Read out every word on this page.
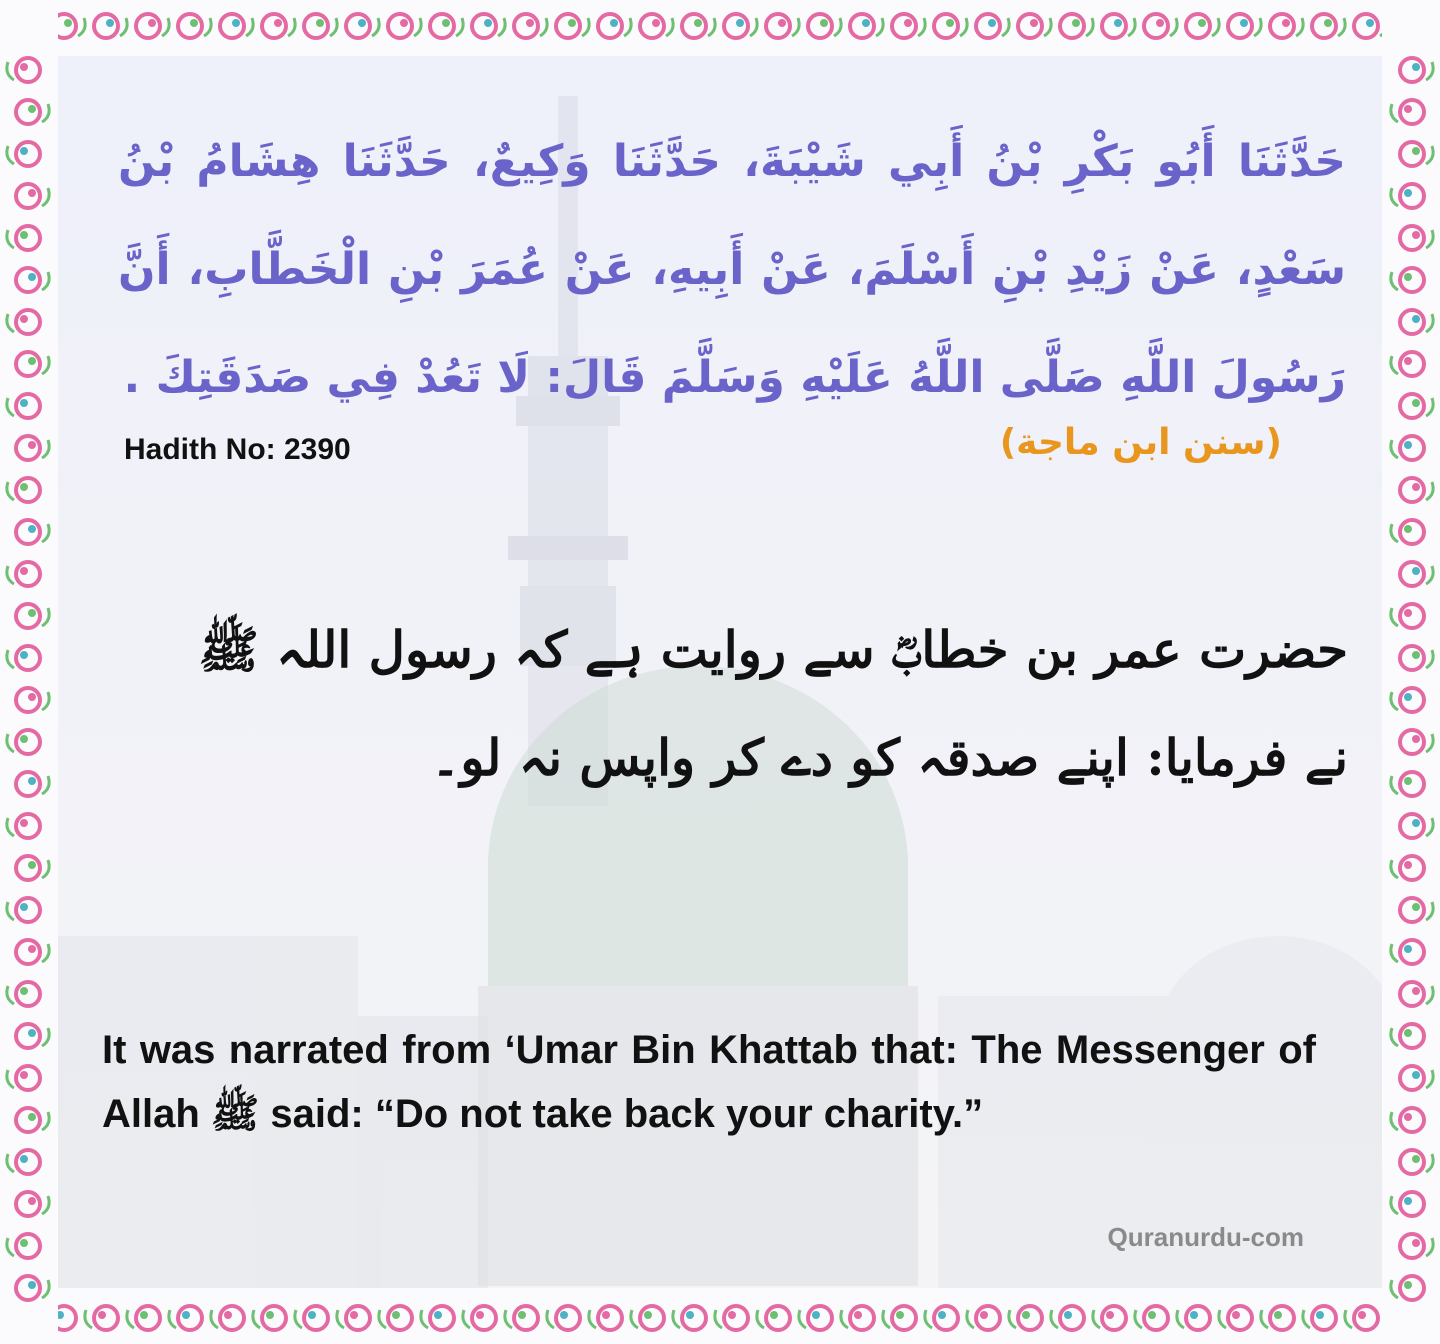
حَدَّثَنَا أَبُو بَكْرِ بْنُ أَبِي شَيْبَةَ، حَدَّثَنَا وَكِيعٌ، حَدَّثَنَا هِشَامُ بْنُ سَعْدٍ، عَنْ زَيْدِ بْنِ أَسْلَمَ، عَنْ أَبِيهِ، عَنْ عُمَرَ بْنِ الْخَطَّابِ، أَنَّ رَسُولَ اللَّهِ صَلَّى اللَّهُ عَلَيْهِ وَسَلَّمَ قَالَ: لَا تَعُدْ فِي صَدَقَتِكَ .

Hadith No: 2390	(سنن ابن ماجة)

حضرت عمر بن خطابؓ سے روایت ہے کہ رسول اللہ ﷺ نے فرمایا: اپنے صدقہ کو دے کر واپس نہ لو۔

It was narrated from ‘Umar Bin Khattab that: The Messenger of Allah ﷺ said: “Do not take back your charity.”

Quranurdu-com
